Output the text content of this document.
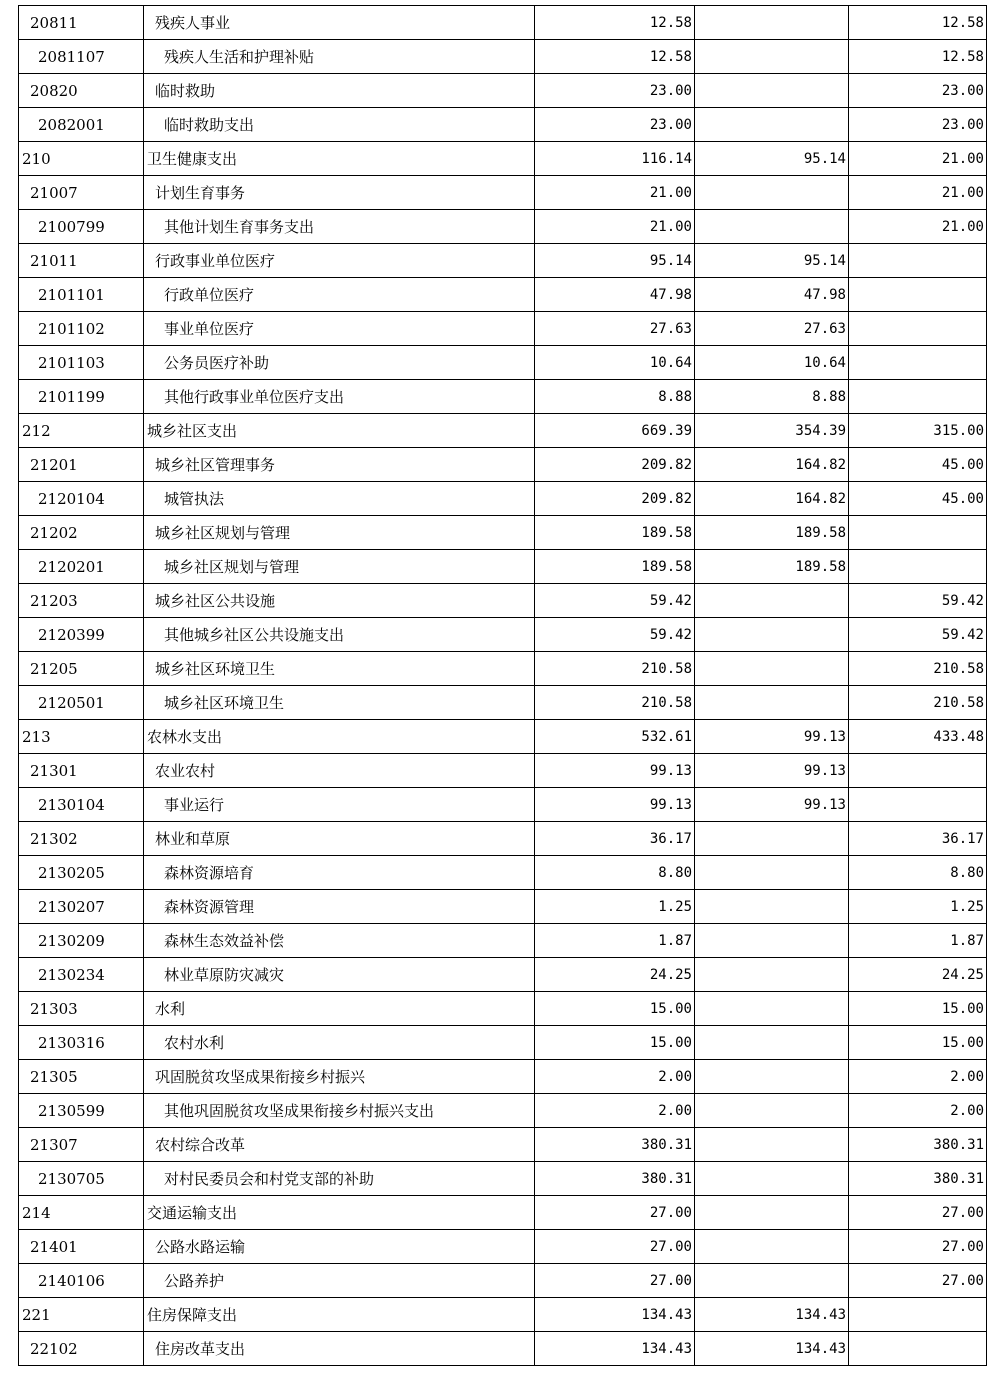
20811	残疾人事业	12.58		12.58
2081107	残疾人生活和护理补贴	12.58		12.58
20820	临时救助	23.00		23.00
2082001	临时救助支出	23.00		23.00
210	卫生健康支出	116.14	95.14	21.00
21007	计划生育事务	21.00		21.00
2100799	其他计划生育事务支出	21.00		21.00
21011	行政事业单位医疗	95.14	95.14	
2101101	行政单位医疗	47.98	47.98	
2101102	事业单位医疗	27.63	27.63	
2101103	公务员医疗补助	10.64	10.64	
2101199	其他行政事业单位医疗支出	8.88	8.88	
212	城乡社区支出	669.39	354.39	315.00
21201	城乡社区管理事务	209.82	164.82	45.00
2120104	城管执法	209.82	164.82	45.00
21202	城乡社区规划与管理	189.58	189.58	
2120201	城乡社区规划与管理	189.58	189.58	
21203	城乡社区公共设施	59.42		59.42
2120399	其他城乡社区公共设施支出	59.42		59.42
21205	城乡社区环境卫生	210.58		210.58
2120501	城乡社区环境卫生	210.58		210.58
213	农林水支出	532.61	99.13	433.48
21301	农业农村	99.13	99.13	
2130104	事业运行	99.13	99.13	
21302	林业和草原	36.17		36.17
2130205	森林资源培育	8.80		8.80
2130207	森林资源管理	1.25		1.25
2130209	森林生态效益补偿	1.87		1.87
2130234	林业草原防灾减灾	24.25		24.25
21303	水利	15.00		15.00
2130316	农村水利	15.00		15.00
21305	巩固脱贫攻坚成果衔接乡村振兴	2.00		2.00
2130599	其他巩固脱贫攻坚成果衔接乡村振兴支出	2.00		2.00
21307	农村综合改革	380.31		380.31
2130705	对村民委员会和村党支部的补助	380.31		380.31
214	交通运输支出	27.00		27.00
21401	公路水路运输	27.00		27.00
2140106	公路养护	27.00		27.00
221	住房保障支出	134.43	134.43	
22102	住房改革支出	134.43	134.43	
